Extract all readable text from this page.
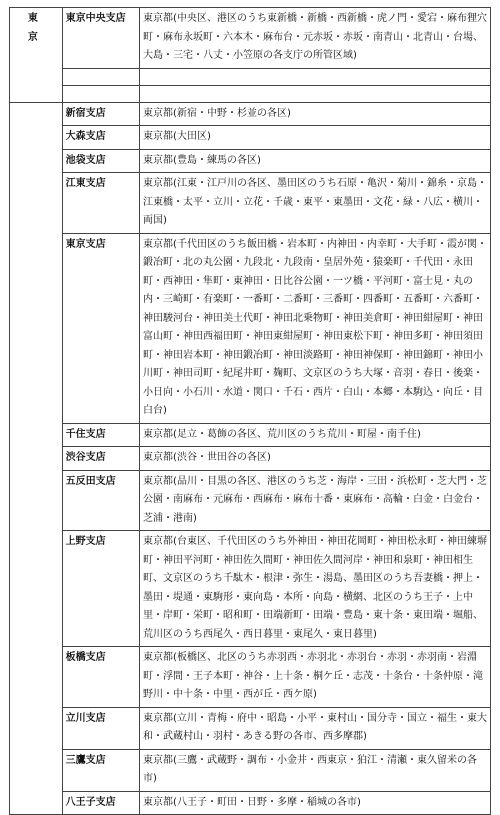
東　京	東京中央支店	東京都(中央区、港区のうち東新橋・新橋・西新橋・虎ノ門・愛宕・麻布狸穴町・麻布永坂町・六本木・麻布台・元赤坂・赤坂・南青山・北青山・台場、大島・三宅・八丈・小笠原の各支庁の所管区域)

	新宿支店	東京都(新宿・中野・杉並の各区)
	大森支店	東京都(大田区)
	池袋支店	東京都(豊島・練馬の各区)
	江東支店	東京都(江東・江戸川の各区、墨田区のうち石原・亀沢・菊川・錦糸・京島・江東橋・太平・立川・立花・千歳・東平・東墨田・文花・緑・八広・横川・両国)
	東京支店	東京都(千代田区のうち飯田橋・岩本町・内神田・内幸町・大手町・霞が関・鍛冶町・北の丸公園・九段北・九段南・皇居外苑・猿楽町・千代田・永田町・西神田・隼町・東神田・日比谷公園・一ツ橋・平河町・富士見・丸の内・三崎町・有楽町・一番町・二番町・三番町・四番町・五番町・六番町・神田駿河台・神田美土代町・神田北乗物町・神田美倉町・神田紺屋町・神田富山町・神田西福田町・神田東紺屋町・神田東松下町・神田多町・神田須田町・神田岩本町・神田鍛冶町・神田淡路町・神田神保町・神田錦町・神田小川町・神田司町・紀尾井町・麹町、文京区のうち大塚・音羽・春日・後楽・小日向・小石川・水道・関口・千石・西片・白山・本郷・本駒込・向丘・目白台)
	千住支店	東京都(足立・葛飾の各区、荒川区のうち荒川・町屋・南千住)
	渋谷支店	東京都(渋谷・世田谷の各区)
	五反田支店	東京都(品川・目黒の各区、港区のうち芝・海岸・三田・浜松町・芝大門・芝公園・南麻布・元麻布・西麻布・麻布十番・東麻布・高輪・白金・白金台・芝浦・港南)
	上野支店	東京都(台東区、千代田区のうち外神田・神田花岡町・神田松永町・神田練塀町・神田平河町・神田佐久間町・神田佐久間河岸・神田和泉町・神田相生町、文京区のうち千駄木・根津・弥生・湯島、墨田区のうち吾妻橋・押上・墨田・堤通・東駒形・東向島・本所・向島・横網、北区のうち王子・上中里・岸町・栄町・昭和町・田端新町・田端・豊島・東十条・東田端・堀船、荒川区のうち西尾久・西日暮里・東尾久・東日暮里)
	板橋支店	東京都(板橋区、北区のうち赤羽西・赤羽北・赤羽台・赤羽・赤羽南・岩淵町・浮間・王子本町・神谷・上十条・桐ケ丘・志茂・十条台・十条仲原・滝野川・中十条・中里・西が丘・西ケ原)
	立川支店	東京都(立川・青梅・府中・昭島・小平・東村山・国分寺・国立・福生・東大和・武蔵村山・羽村・あきる野の各市、西多摩郡)
	三鷹支店	東京都(三鷹・武蔵野・調布・小金井・西東京・狛江・清瀬・東久留米の各市)
	八王子支店	東京都(八王子・町田・日野・多摩・稲城の各市)
